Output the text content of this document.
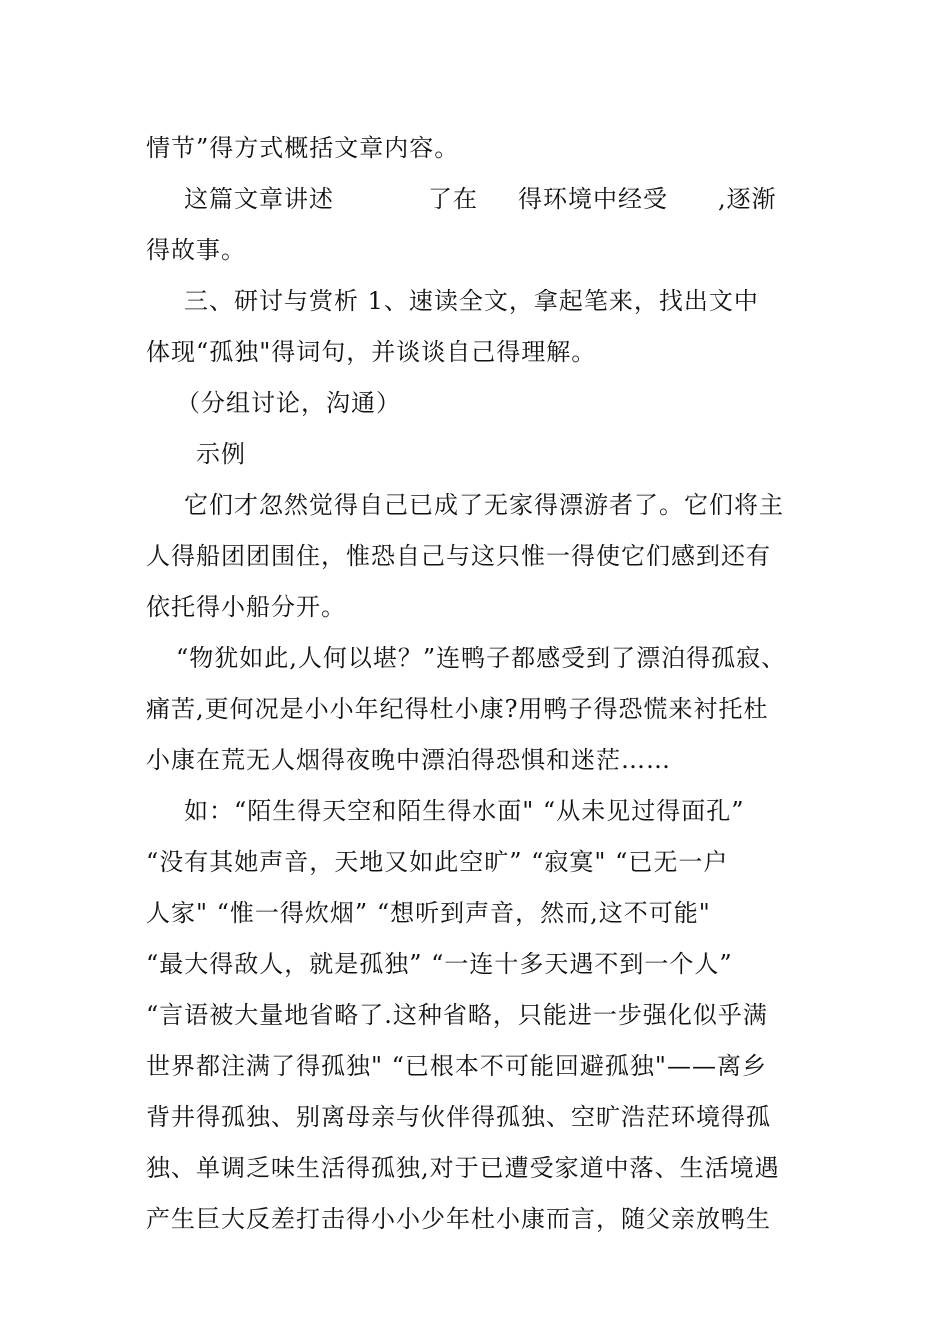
情节”得方式概括文章内容。
这篇文章讲述	了在 得环境中经受 ,逐渐
得故事。
三、研讨与赏析 1、速读全文，拿起笔来，找出文中
体现“孤独"得词句，并谈谈自己得理解。
（分组讨论，沟通）
示例
它们才忽然觉得自己已成了无家得漂游者了。它们将主
人得船团团围住，惟恐自己与这只惟一得使它们感到还有
依托得小船分开。
“物犹如此,人何以堪？”连鸭子都感受到了漂泊得孤寂、
痛苦,更何况是小小年纪得杜小康?用鸭子得恐慌来衬托杜
小康在荒无人烟得夜晚中漂泊得恐惧和迷茫……
如：“陌生得天空和陌生得水面" “从未见过得面孔”
“没有其她声音，天地又如此空旷” “寂寞" “已无一户
人家" “惟一得炊烟” “想听到声音，然而,这不可能"
“最大得敌人，就是孤独” “一连十多天遇不到一个人”
“言语被大量地省略了.这种省略，只能进一步强化似乎满
世界都注满了得孤独" “已根本不可能回避孤独"——离乡
背井得孤独、别离母亲与伙伴得孤独、空旷浩茫环境得孤
独、单调乏味生活得孤独,对于已遭受家道中落、生活境遇
产生巨大反差打击得小小少年杜小康而言，随父亲放鸭生
